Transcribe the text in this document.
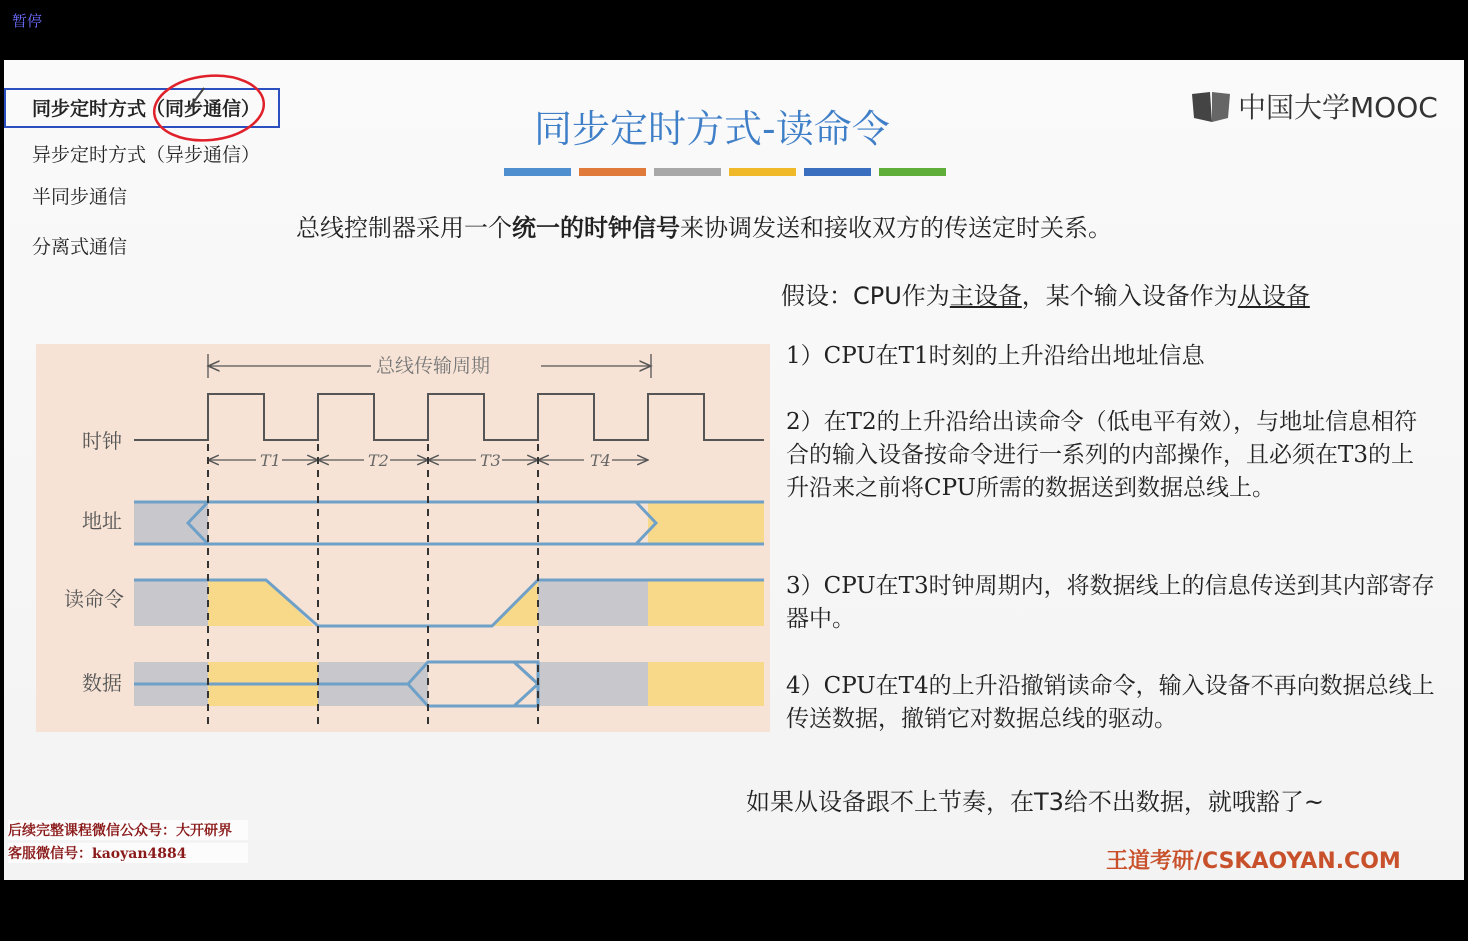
暂停
同步定时方式（同步通信）
异步定时方式（异步通信）
半同步通信
分离式通信
同步定时方式-读命令	中国大学MOOC
总线控制器采用一个统一的时钟信号来协调发送和接收双方的传送定时关系。
假设：CPU作为主设备，某个输入设备作为从设备
1）CPU在T1时刻的上升沿给出地址信息
2）在T2的上升沿给出读命令（低电平有效），与地址信息相符合的输入设备按命令进行一系列的内部操作，且必须在T3的上升沿来之前将CPU所需的数据送到数据总线上。
3）CPU在T3时钟周期内，将数据线上的信息传送到其内部寄存器中。
4）CPU在T4的上升沿撤销读命令，输入设备不再向数据总线上传送数据，撤销它对数据总线的驱动。
如果从设备跟不上节奏，在T3给不出数据，就哦豁了~
王道考研/CSKAOYAN.COM
后续完整课程微信公众号：大开研界
客服微信号：kaoyan4884
总线传输周期
时钟
地址
读命令
数据
T1	T2	T3	T4
